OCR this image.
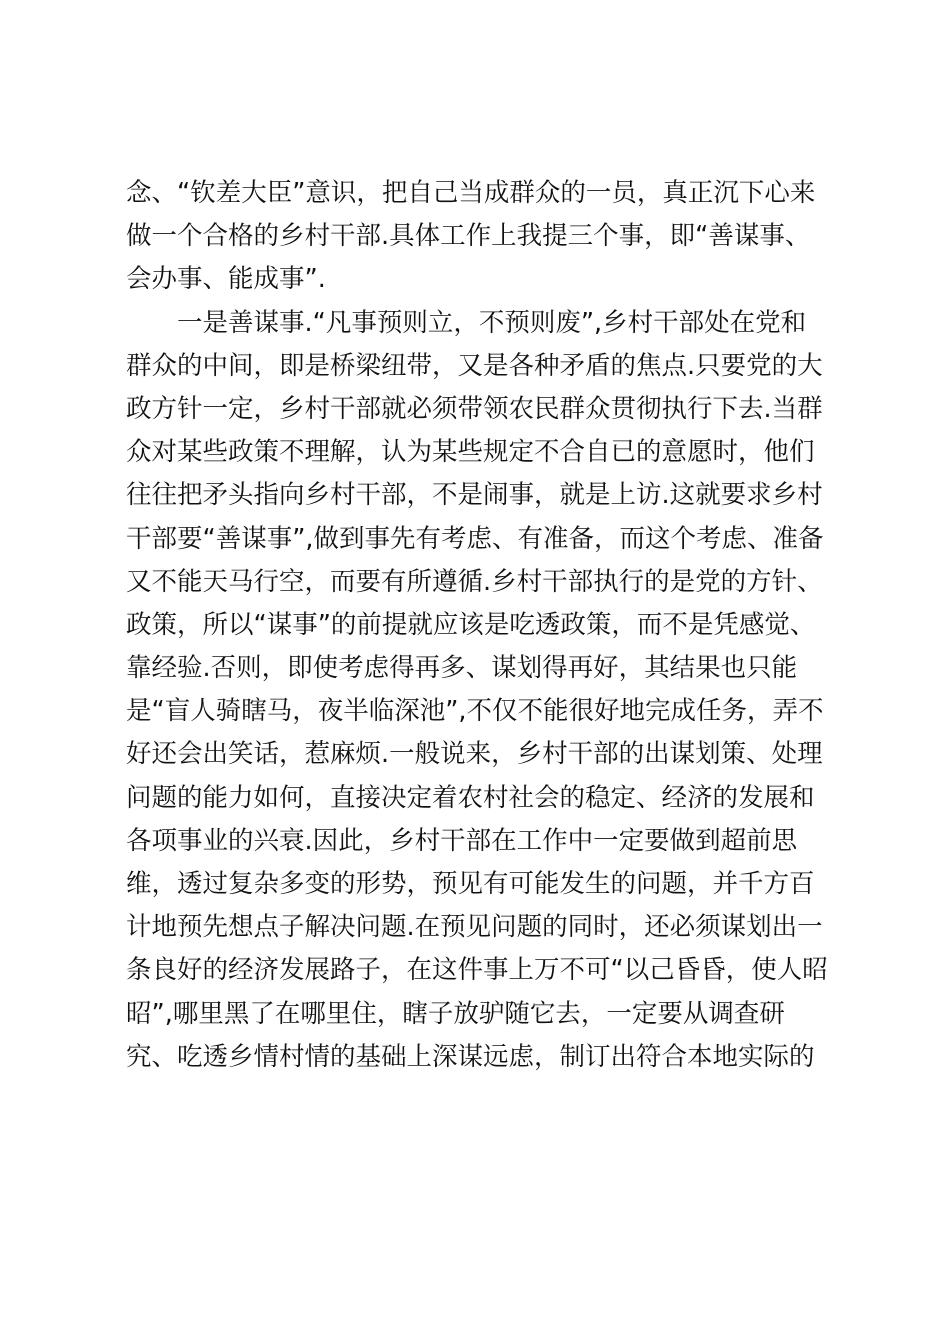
念、“钦差大臣”意识，把自己当成群众的一员，真正沉下心来
做一个合格的乡村干部.具体工作上我提三个事，即“善谋事、
会办事、能成事”.
一是善谋事.“凡事预则立，不预则废”,乡村干部处在党和
群众的中间，即是桥梁纽带，又是各种矛盾的焦点.只要党的大
政方针一定，乡村干部就必须带领农民群众贯彻执行下去.当群
众对某些政策不理解，认为某些规定不合自已的意愿时，他们
往往把矛头指向乡村干部，不是闹事，就是上访.这就要求乡村
干部要“善谋事”,做到事先有考虑、有准备，而这个考虑、准备
又不能天马行空，而要有所遵循.乡村干部执行的是党的方针、
政策，所以“谋事”的前提就应该是吃透政策，而不是凭感觉、
靠经验.否则，即使考虑得再多、谋划得再好，其结果也只能
是“盲人骑瞎马，夜半临深池”,不仅不能很好地完成任务，弄不
好还会出笑话，惹麻烦.一般说来，乡村干部的出谋划策、处理
问题的能力如何，直接决定着农村社会的稳定、经济的发展和
各项事业的兴衰.因此，乡村干部在工作中一定要做到超前思
维，透过复杂多变的形势，预见有可能发生的问题，并千方百
计地预先想点子解决问题.在预见问题的同时，还必须谋划出一
条良好的经济发展路子，在这件事上万不可“以己昏昏，使人昭
昭”,哪里黑了在哪里住，瞎子放驴随它去，一定要从调查研
究、吃透乡情村情的基础上深谋远虑，制订出符合本地实际的
